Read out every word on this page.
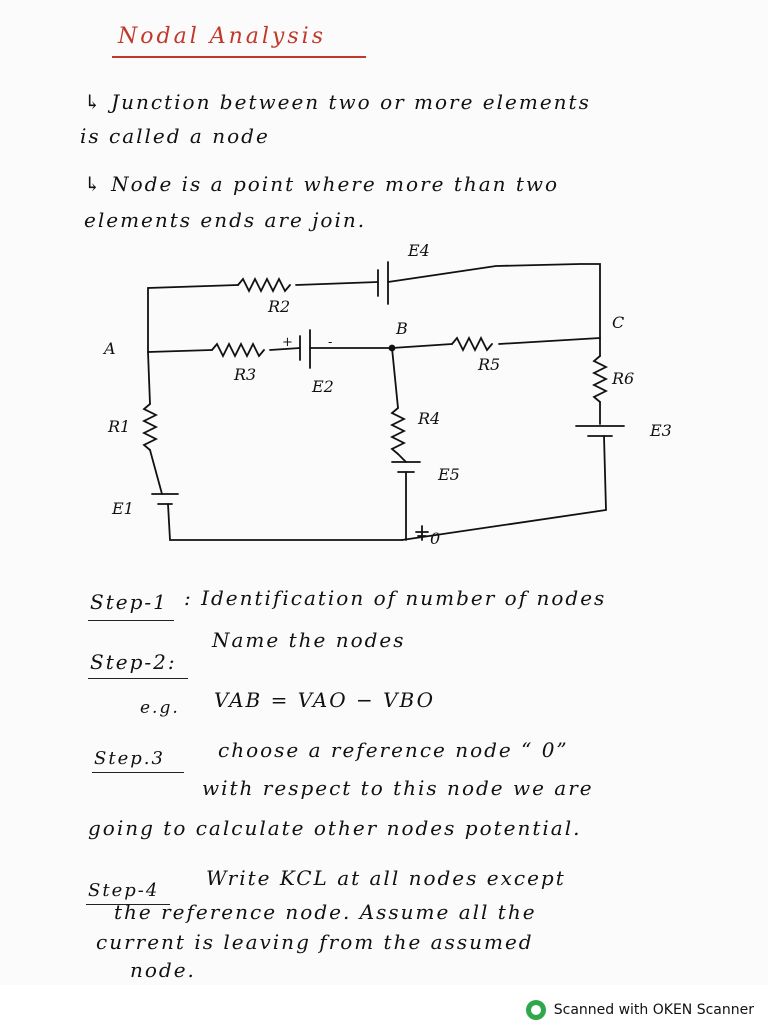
Nodal Analysis
↳ Junction between two or more elements
is called a node
↳ Node is a point where more than two
elements ends are join.
A
B	C
0
R1
R2
R3
R4
R5
R6
E1
E2
E3
E4
E5
+	-
Step-1 : Identification of number of nodes
Step-2:
Name the nodes
e.g. VAB = VAO − VBO
Step.3	choose a reference node “ 0”
with respect to this node we are
going to calculate other nodes potential.
Step-4
Write KCL at all nodes except
the reference node. Assume all the
current is leaving from the assumed
node.
Scanned with OKEN Scanner
